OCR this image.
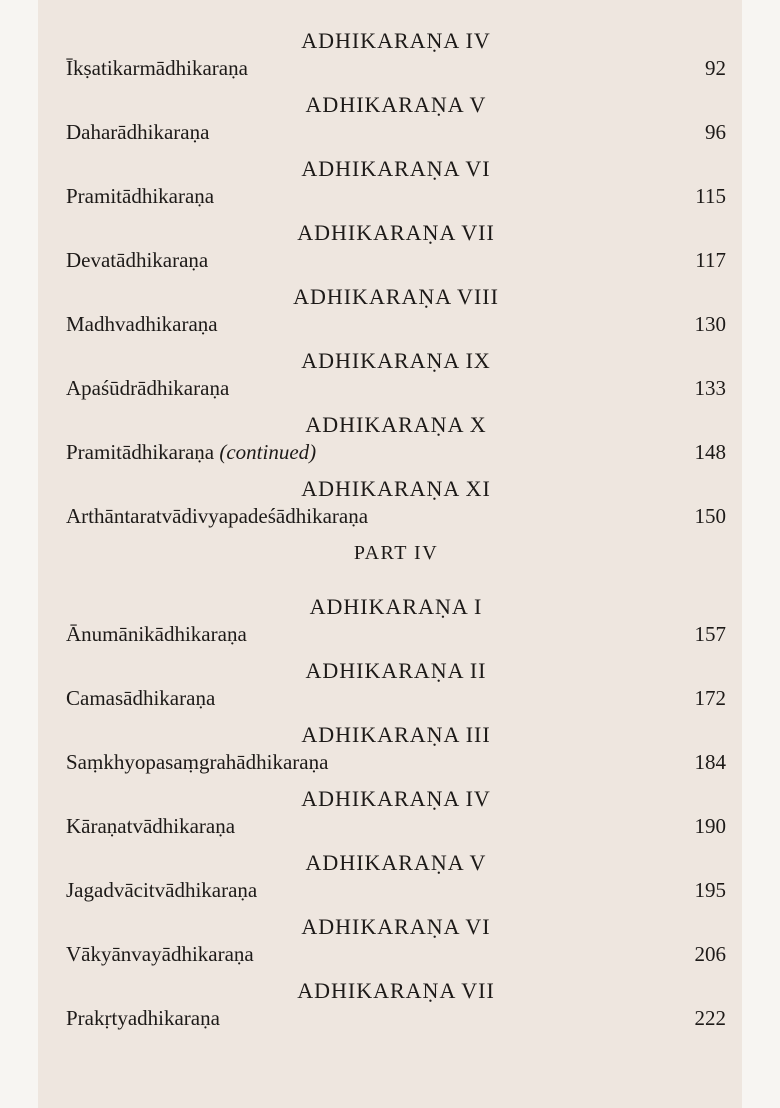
ADHIKARAṆA IV
Īkṣatikarmādhikaraṇa	92
ADHIKARAṆA V
Daharādhikaraṇa	96
ADHIKARAṆA VI
Pramitādhikaraṇa	115
ADHIKARAṆA VII
Devatādhikaraṇa	117
ADHIKARAṆA VIII
Madhvadhikaraṇa	130
ADHIKARAṆA IX
Apaśūdrādhikaraṇa	133
ADHIKARAṆA X
Pramitādhikaraṇa (continued)	148
ADHIKARAṆA XI
Arthāntaratvādivyapadeśādhikaraṇa	150
PART IV
ADHIKARAṆA I
Ānumānikādhikaraṇa	157
ADHIKARAṆA II
Camasādhikaraṇa	172
ADHIKARAṆA III
Saṃkhyopasaṃgrahādhikaraṇa	184
ADHIKARAṆA IV
Kāraṇatvādhikaraṇa	190
ADHIKARAṆA V
Jagadvācitvādhikaraṇa	195
ADHIKARAṆA VI
Vākyānvayādhikaraṇa	206
ADHIKARAṆA VII
Prakṛtyadhikaraṇa	222
